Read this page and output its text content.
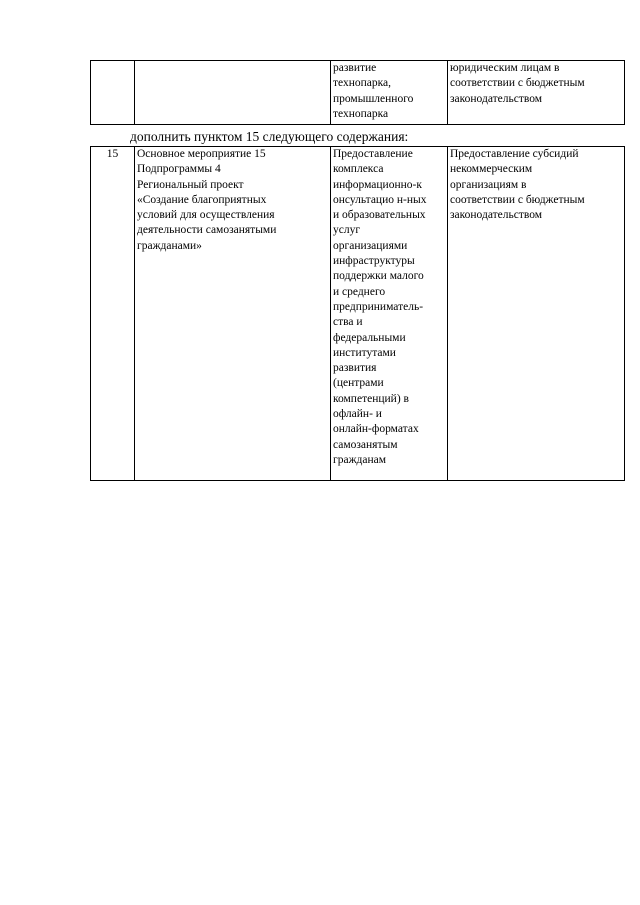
		развитие
технопарка,
промышленного
технопарка	юридическим лицам в
соответствии с бюджетным
законодательством
дополнить пунктом 15 следующего содержания:
15	Основное мероприятие 15
Подпрограммы 4
Региональный проект
«Создание благоприятных
условий для осуществления
деятельности самозанятыми
гражданами»	Предоставление
комплекса
информационно-к
онсультацио н-ных
и образовательных
услуг
организациями
инфраструктуры
поддержки малого
и среднего
предприниматель-
ства и
федеральными
институтами
развития
(центрами
компетенций) в
офлайн- и
онлайн-форматах
самозанятым
гражданам	Предоставление субсидий
некоммерческим
организациям в
соответствии с бюджетным
законодательством
